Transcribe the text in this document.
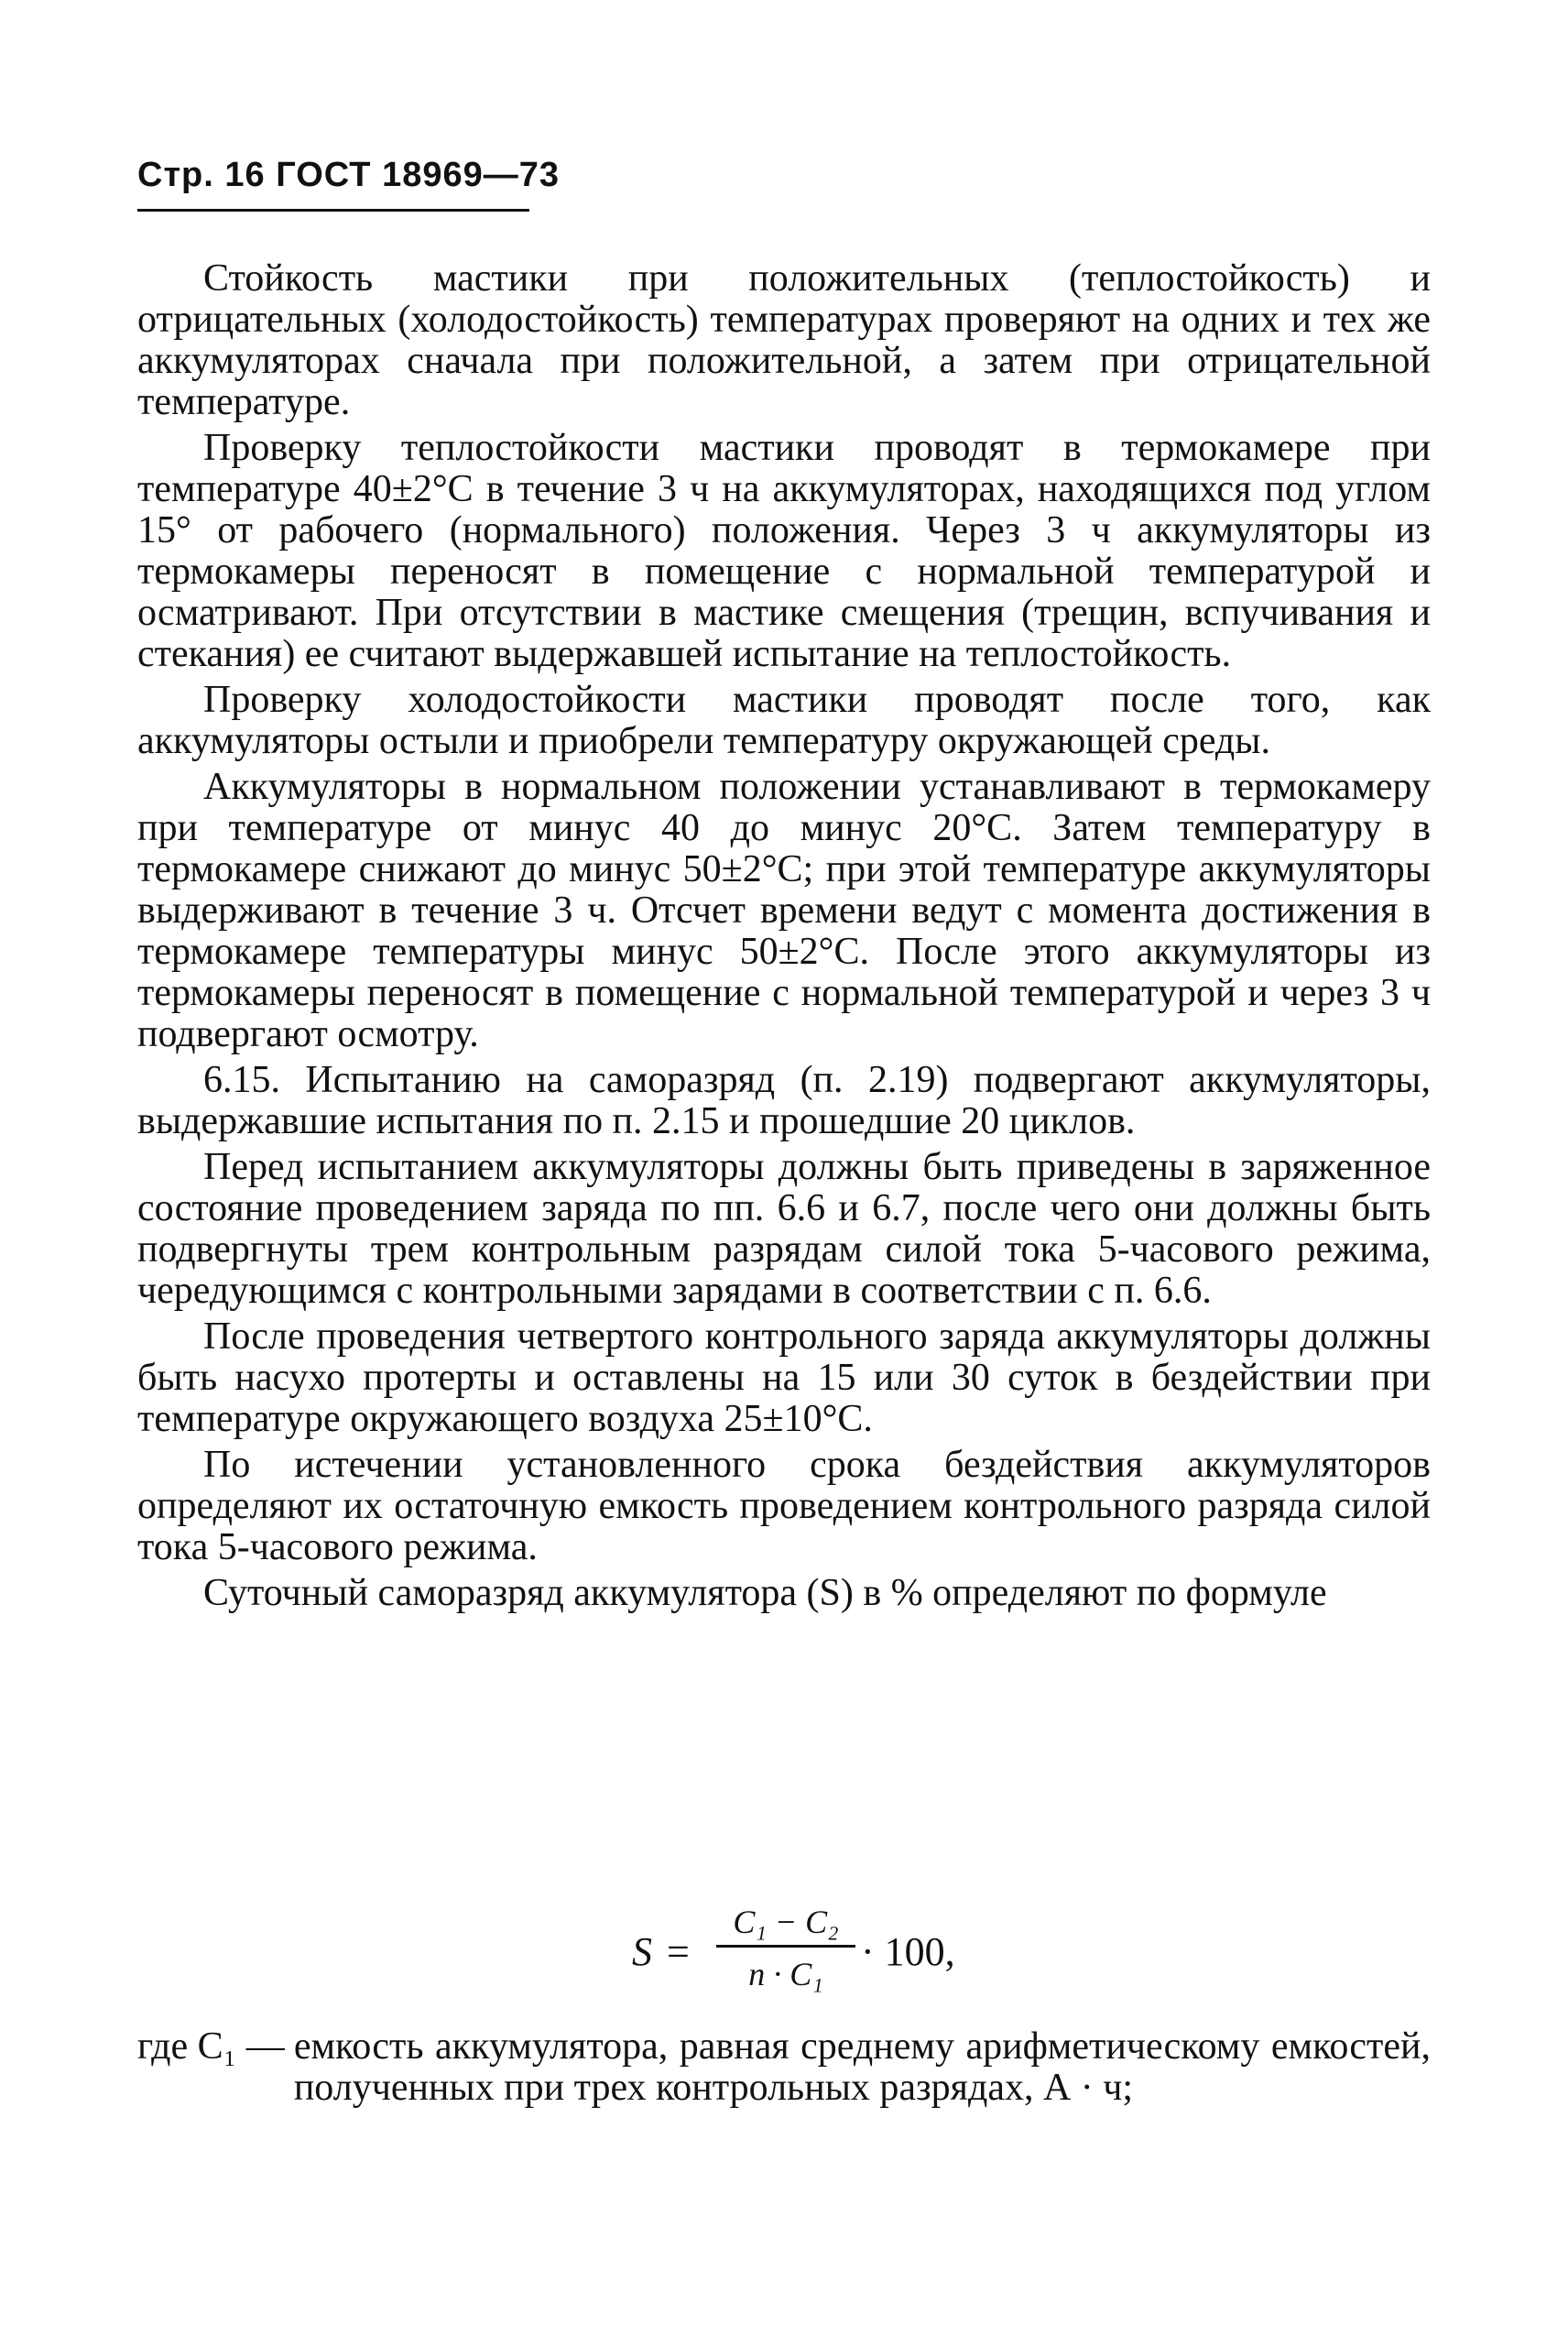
Стр. 16 ГОСТ 18969—73

Стойкость мастики при положительных (теплостойкость) и отрицательных (холодостойкость) температурах проверяют на одних и тех же аккумуляторах сначала при положительной, а затем при отрицательной температуре.

Проверку теплостойкости мастики проводят в термокамере при температуре 40±2°C в течение 3 ч на аккумуляторах, находящихся под углом 15° от рабочего (нормального) положения. Через 3 ч аккумуляторы из термокамеры переносят в помещение с нормальной температурой и осматривают. При отсутствии в мастике смещения (трещин, вспучивания и стекания) ее считают выдержавшей испытание на теплостойкость.

Проверку холодостойкости мастики проводят после того, как аккумуляторы остыли и приобрели температуру окружающей среды.

Аккумуляторы в нормальном положении устанавливают в термокамеру при температуре от минус 40 до минус 20°C. Затем температуру в термокамере снижают до минус 50±2°C; при этой температуре аккумуляторы выдерживают в течение 3 ч. Отсчет времени ведут с момента достижения в термокамере температуры минус 50±2°C. После этого аккумуляторы из термокамеры переносят в помещение с нормальной температурой и через 3 ч подвергают осмотру.

6.15. Испытанию на саморазряд (п. 2.19) подвергают аккумуляторы, выдержавшие испытания по п. 2.15 и прошедшие 20 циклов.

Перед испытанием аккумуляторы должны быть приведены в заряженное состояние проведением заряда по пп. 6.6 и 6.7, после чего они должны быть подвергнуты трем контрольным разрядам силой тока 5-часового режима, чередующимся с контрольными зарядами в соответствии с п. 6.6.

После проведения четвертого контрольного заряда аккумуляторы должны быть насухо протерты и оставлены на 15 или 30 суток в бездействии при температуре окружающего воздуха 25±10°C.

По истечении установленного срока бездействия аккумуляторов определяют их остаточную емкость проведением контрольного разряда силой тока 5-часового режима.

Суточный саморазряд аккумулятора (S) в % определяют по формуле

S =
C₁ − C₂
n · C₁ · 100,
где C₁ — емкость аккумулятора, равная среднему арифметическому емкостей, полученных при трех контрольных разрядах, А · ч;
